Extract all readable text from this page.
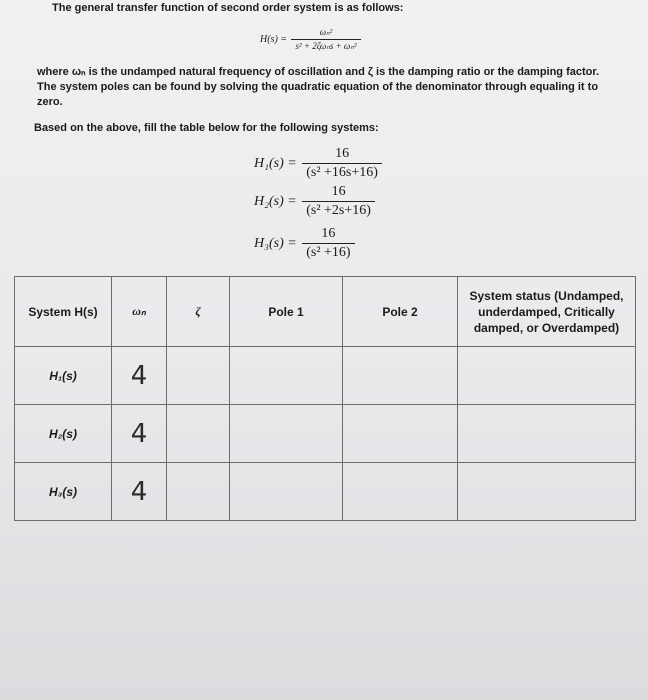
The general transfer function of second order system is as follows:
$H(s) = \frac{\text{ωₙ²}}{\text{s² + 2ζωₙs + ωₙ²}}$
where ωₙ is the undamped natural frequency of oscillation and ζ is the damping ratio or the damping factor. The system poles can be found by solving the quadratic equation of the denominator through equaling it to zero.
Based on the above, fill the table below for the following systems:
$H_1(s) = \frac{16}{\text{(s² +16s+16)}}$
$H_2(s) = \frac{16}{\text{(s² +2s+16)}}$
$H_3(s) = \frac{16}{\text{(s² +16)}}$
System H(s)	ωₙ	ζ	Pole 1	Pole 2	System status (Undamped, underdamped, Critically damped, or Overdamped)
H₁(s)	4				
H₂(s)	4				
H₃(s)	4				
